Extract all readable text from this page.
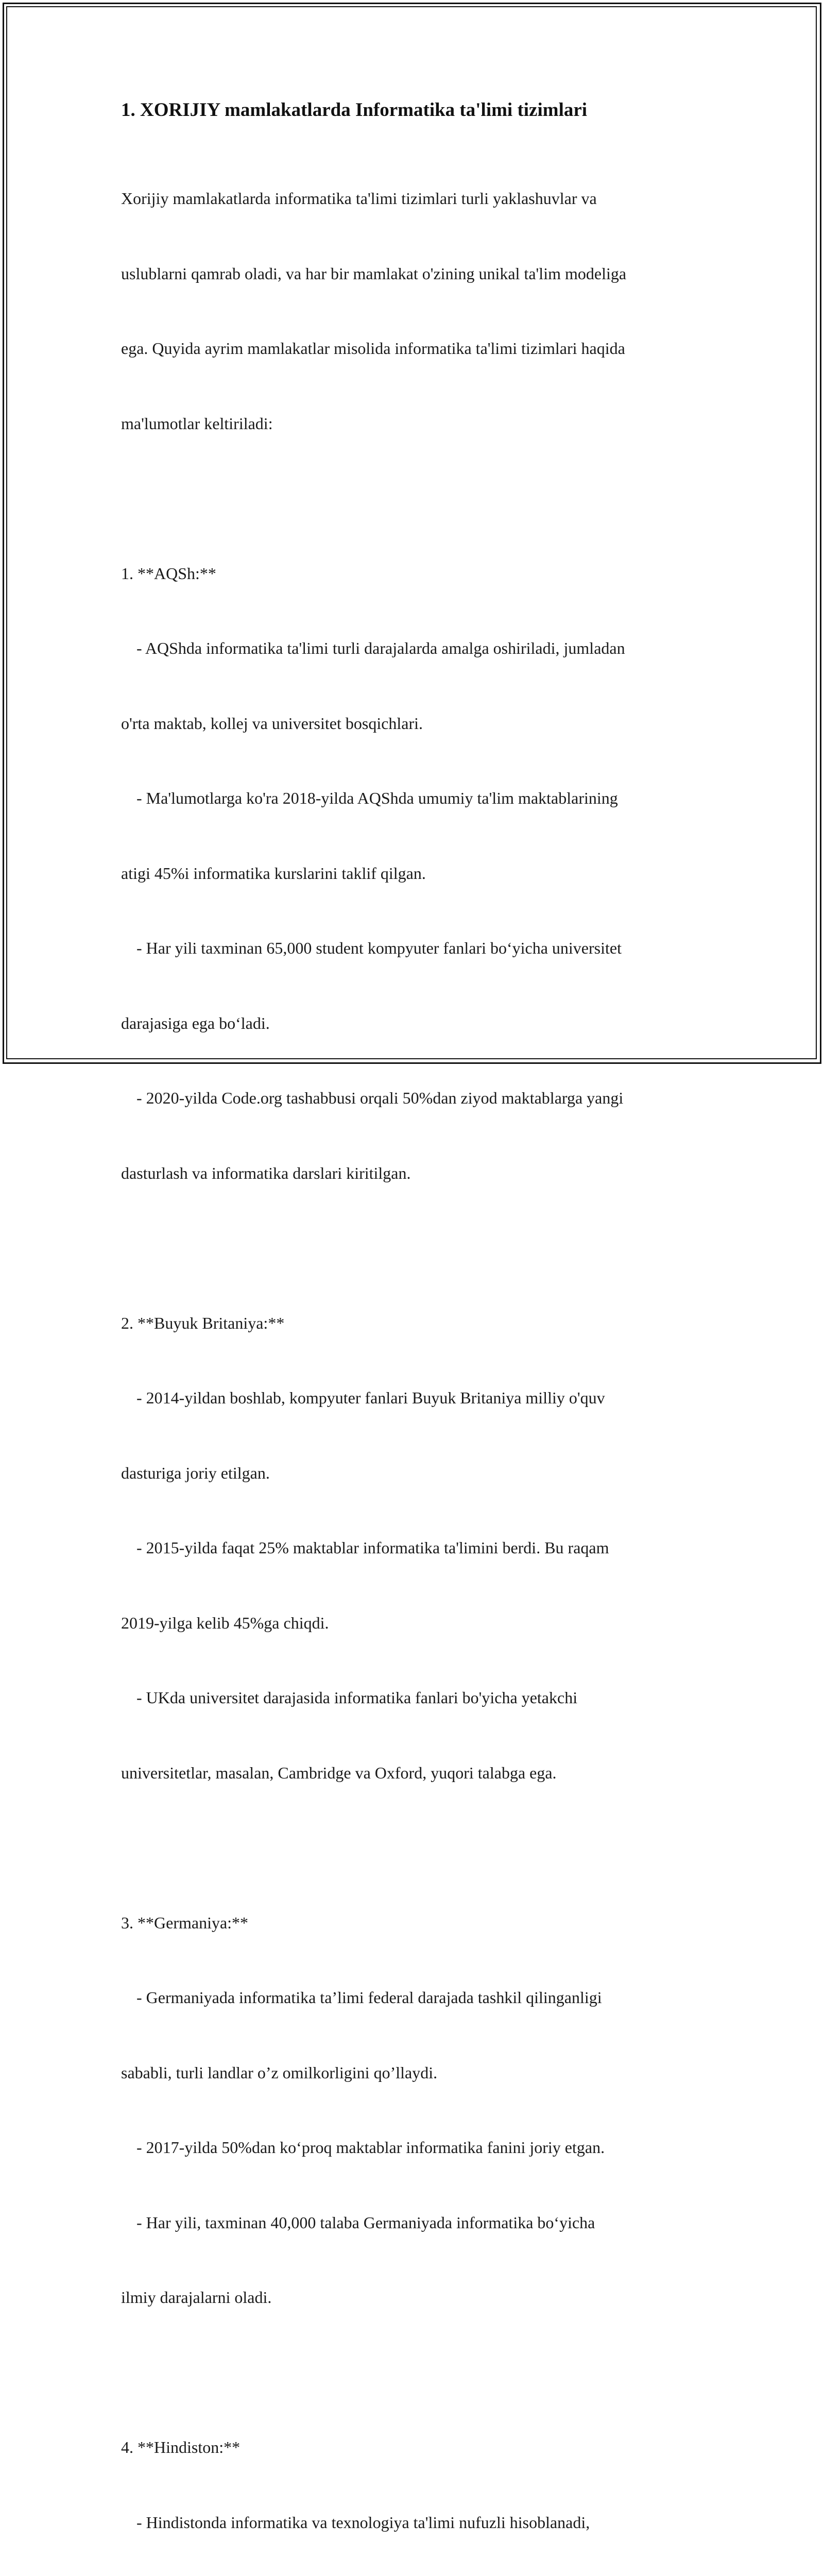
1. XORIJIY mamlakatlarda Informatika ta'limi tizimlari

Xorijiy mamlakatlarda informatika ta'limi tizimlari turli yaklashuvlar va

uslublarni qamrab oladi, va har bir mamlakat o'zining unikal ta'lim modeliga

ega. Quyida ayrim mamlakatlar misolida informatika ta'limi tizimlari haqida

ma'lumotlar keltiriladi:

1. **AQSh:**

- AQShda informatika ta'limi turli darajalarda amalga oshiriladi, jumladan

o'rta maktab, kollej va universitet bosqichlari.

- Ma'lumotlarga ko'ra 2018-yilda AQShda umumiy ta'lim maktablarining

atigi 45%i informatika kurslarini taklif qilgan.

- Har yili taxminan 65,000 student kompyuter fanlari bo‘yicha universitet

darajasiga ega bo‘ladi.

- 2020-yilda Code.org tashabbusi orqali 50%dan ziyod maktablarga yangi

dasturlash va informatika darslari kiritilgan.

2. **Buyuk Britaniya:**

- 2014-yildan boshlab, kompyuter fanlari Buyuk Britaniya milliy o'quv

dasturiga joriy etilgan.

- 2015-yilda faqat 25% maktablar informatika ta'limini berdi. Bu raqam

2019-yilga kelib 45%ga chiqdi.

- UKda universitet darajasida informatika fanlari bo'yicha yetakchi

universitetlar, masalan, Cambridge va Oxford, yuqori talabga ega.

3. **Germaniya:**

- Germaniyada informatika ta’limi federal darajada tashkil qilinganligi

sababli, turli landlar o’z omilkorligini qo’llaydi.

- 2017-yilda 50%dan ko‘proq maktablar informatika fanini joriy etgan.

- Har yili, taxminan 40,000 talaba Germaniyada informatika bo‘yicha

ilmiy darajalarni oladi.

4. **Hindiston:**

- Hindistonda informatika va texnologiya ta'limi nufuzli hisoblanadi,
